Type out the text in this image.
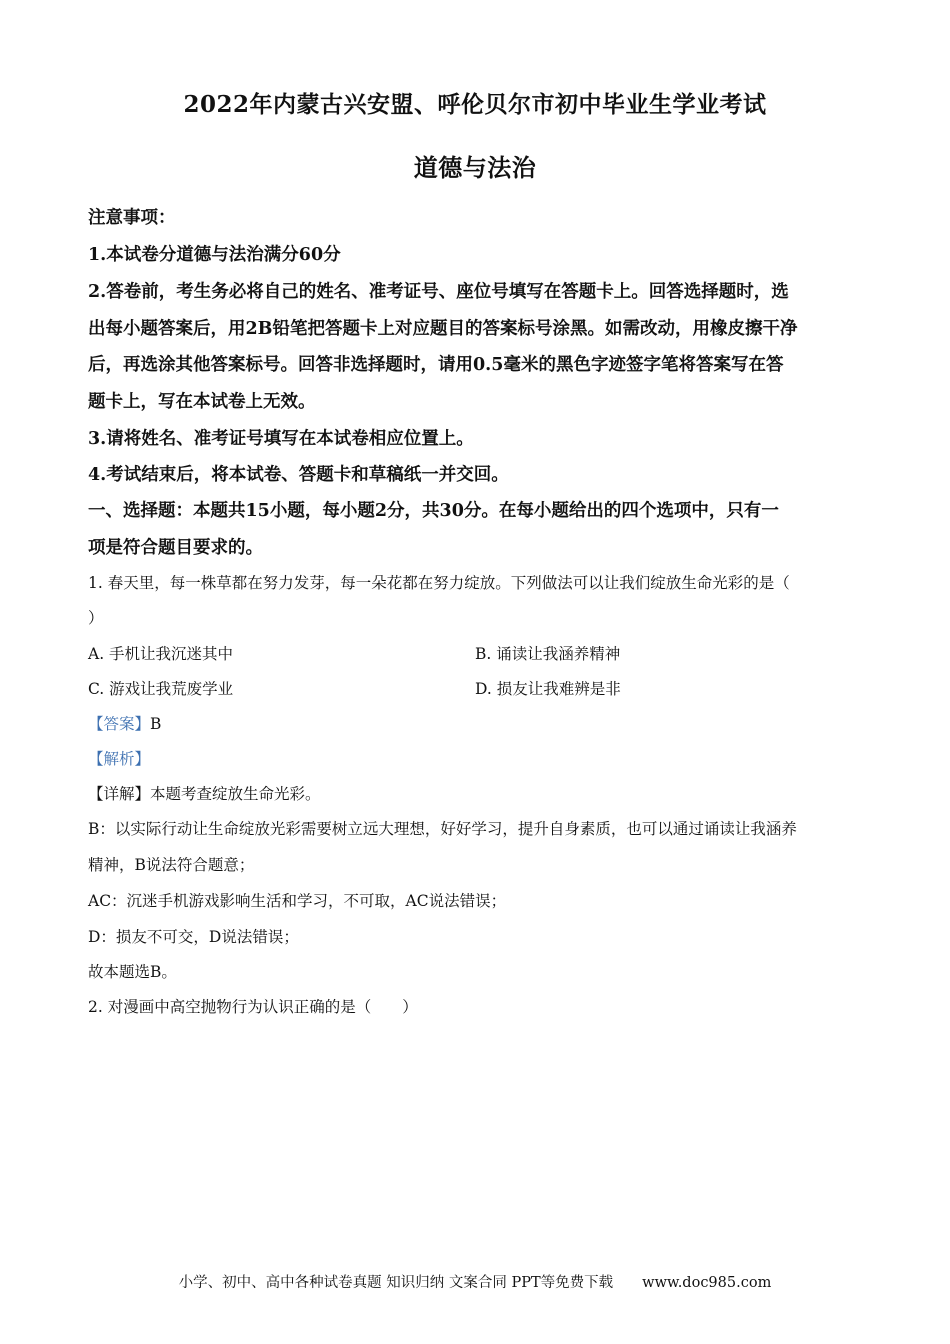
2022年内蒙古兴安盟、呼伦贝尔市初中毕业生学业考试
道德与法治
注意事项：
1.本试卷分道德与法治满分60分
2.答卷前，考生务必将自己的姓名、准考证号、座位号填写在答题卡上。回答选择题时，选
出每小题答案后，用2B铅笔把答题卡上对应题目的答案标号涂黑。如需改动，用橡皮擦干净
后，再选涂其他答案标号。回答非选择题时，请用0.5毫米的黑色字迹签字笔将答案写在答
题卡上，写在本试卷上无效。
3.请将姓名、准考证号填写在本试卷相应位置上。
4.考试结束后，将本试卷、答题卡和草稿纸一并交回。
一、选择题：本题共15小题，每小题2分，共30分。在每小题给出的四个选项中，只有一
项是符合题目要求的。
1. 春天里，每一株草都在努力发芽，每一朵花都在努力绽放。下列做法可以让我们绽放生命光彩的是（
）
A. 手机让我沉迷其中	B. 诵读让我涵养精神
C. 游戏让我荒废学业	D. 损友让我难辨是非
【答案】B
【解析】
【详解】本题考查绽放生命光彩。
B：以实际行动让生命绽放光彩需要树立远大理想，好好学习，提升自身素质，也可以通过诵读让我涵养
精神，B说法符合题意；
AC：沉迷手机游戏影响生活和学习，不可取，AC说法错误；
D：损友不可交，D说法错误；
故本题选B。
2. 对漫画中高空抛物行为认识正确的是（　　）
小学、初中、高中各种试卷真题 知识归纳 文案合同 PPT等免费下载　　www.doc985.com
